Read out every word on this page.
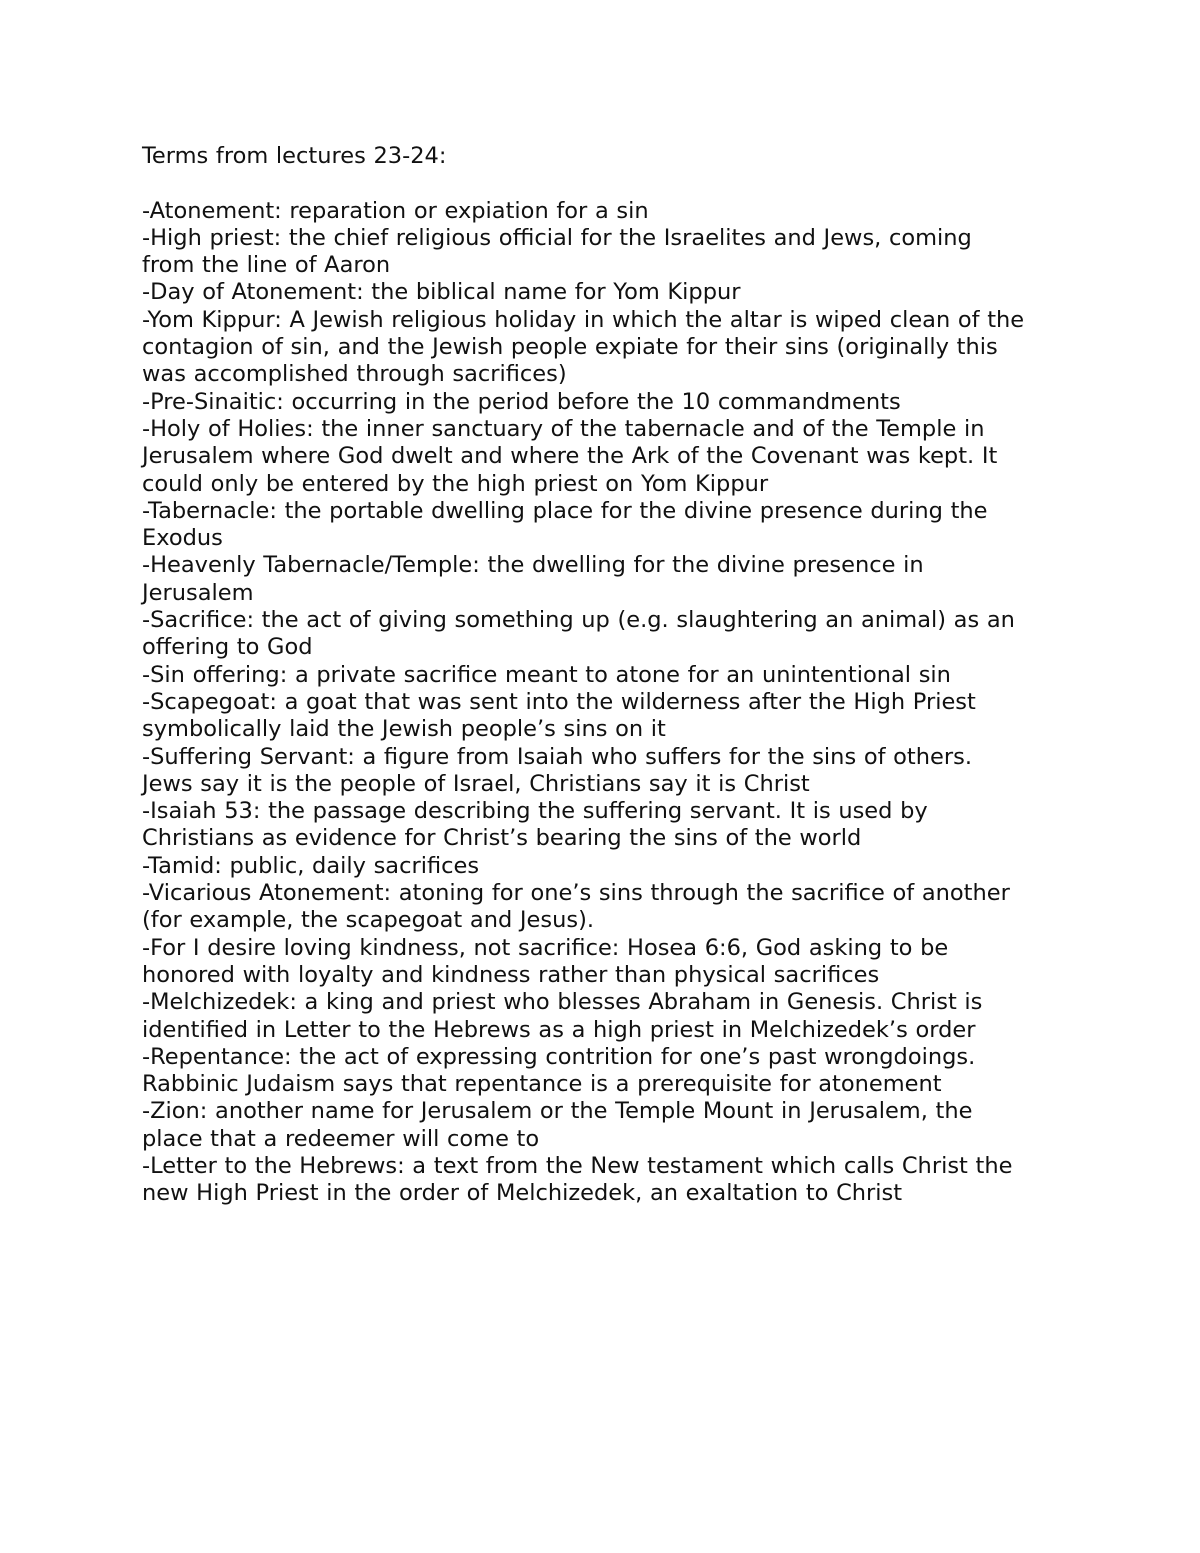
Terms from lectures 23-24:

-Atonement: reparation or expiation for a sin

-High priest: the chief religious official for the Israelites and Jews, coming

from the line of Aaron

-Day of Atonement: the biblical name for Yom Kippur

-Yom Kippur: A Jewish religious holiday in which the altar is wiped clean of the

contagion of sin, and the Jewish people expiate for their sins (originally this

was accomplished through sacrifices)

-Pre-Sinaitic: occurring in the period before the 10 commandments

-Holy of Holies: the inner sanctuary of the tabernacle and of the Temple in

Jerusalem where God dwelt and where the Ark of the Covenant was kept. It

could only be entered by the high priest on Yom Kippur

-Tabernacle: the portable dwelling place for the divine presence during the

Exodus

-Heavenly Tabernacle/Temple: the dwelling for the divine presence in

Jerusalem

-Sacrifice: the act of giving something up (e.g. slaughtering an animal) as an

offering to God

-Sin offering: a private sacrifice meant to atone for an unintentional sin

-Scapegoat: a goat that was sent into the wilderness after the High Priest

symbolically laid the Jewish people’s sins on it

-Suffering Servant: a figure from Isaiah who suffers for the sins of others.

Jews say it is the people of Israel, Christians say it is Christ

-Isaiah 53: the passage describing the suffering servant. It is used by

Christians as evidence for Christ’s bearing the sins of the world

-Tamid: public, daily sacrifices

-Vicarious Atonement: atoning for one’s sins through the sacrifice of another

(for example, the scapegoat and Jesus).

-For I desire loving kindness, not sacrifice: Hosea 6:6, God asking to be

honored with loyalty and kindness rather than physical sacrifices

-Melchizedek: a king and priest who blesses Abraham in Genesis. Christ is

identified in Letter to the Hebrews as a high priest in Melchizedek’s order

-Repentance: the act of expressing contrition for one’s past wrongdoings.

Rabbinic Judaism says that repentance is a prerequisite for atonement

-Zion: another name for Jerusalem or the Temple Mount in Jerusalem, the

place that a redeemer will come to

-Letter to the Hebrews: a text from the New testament which calls Christ the

new High Priest in the order of Melchizedek, an exaltation to Christ
